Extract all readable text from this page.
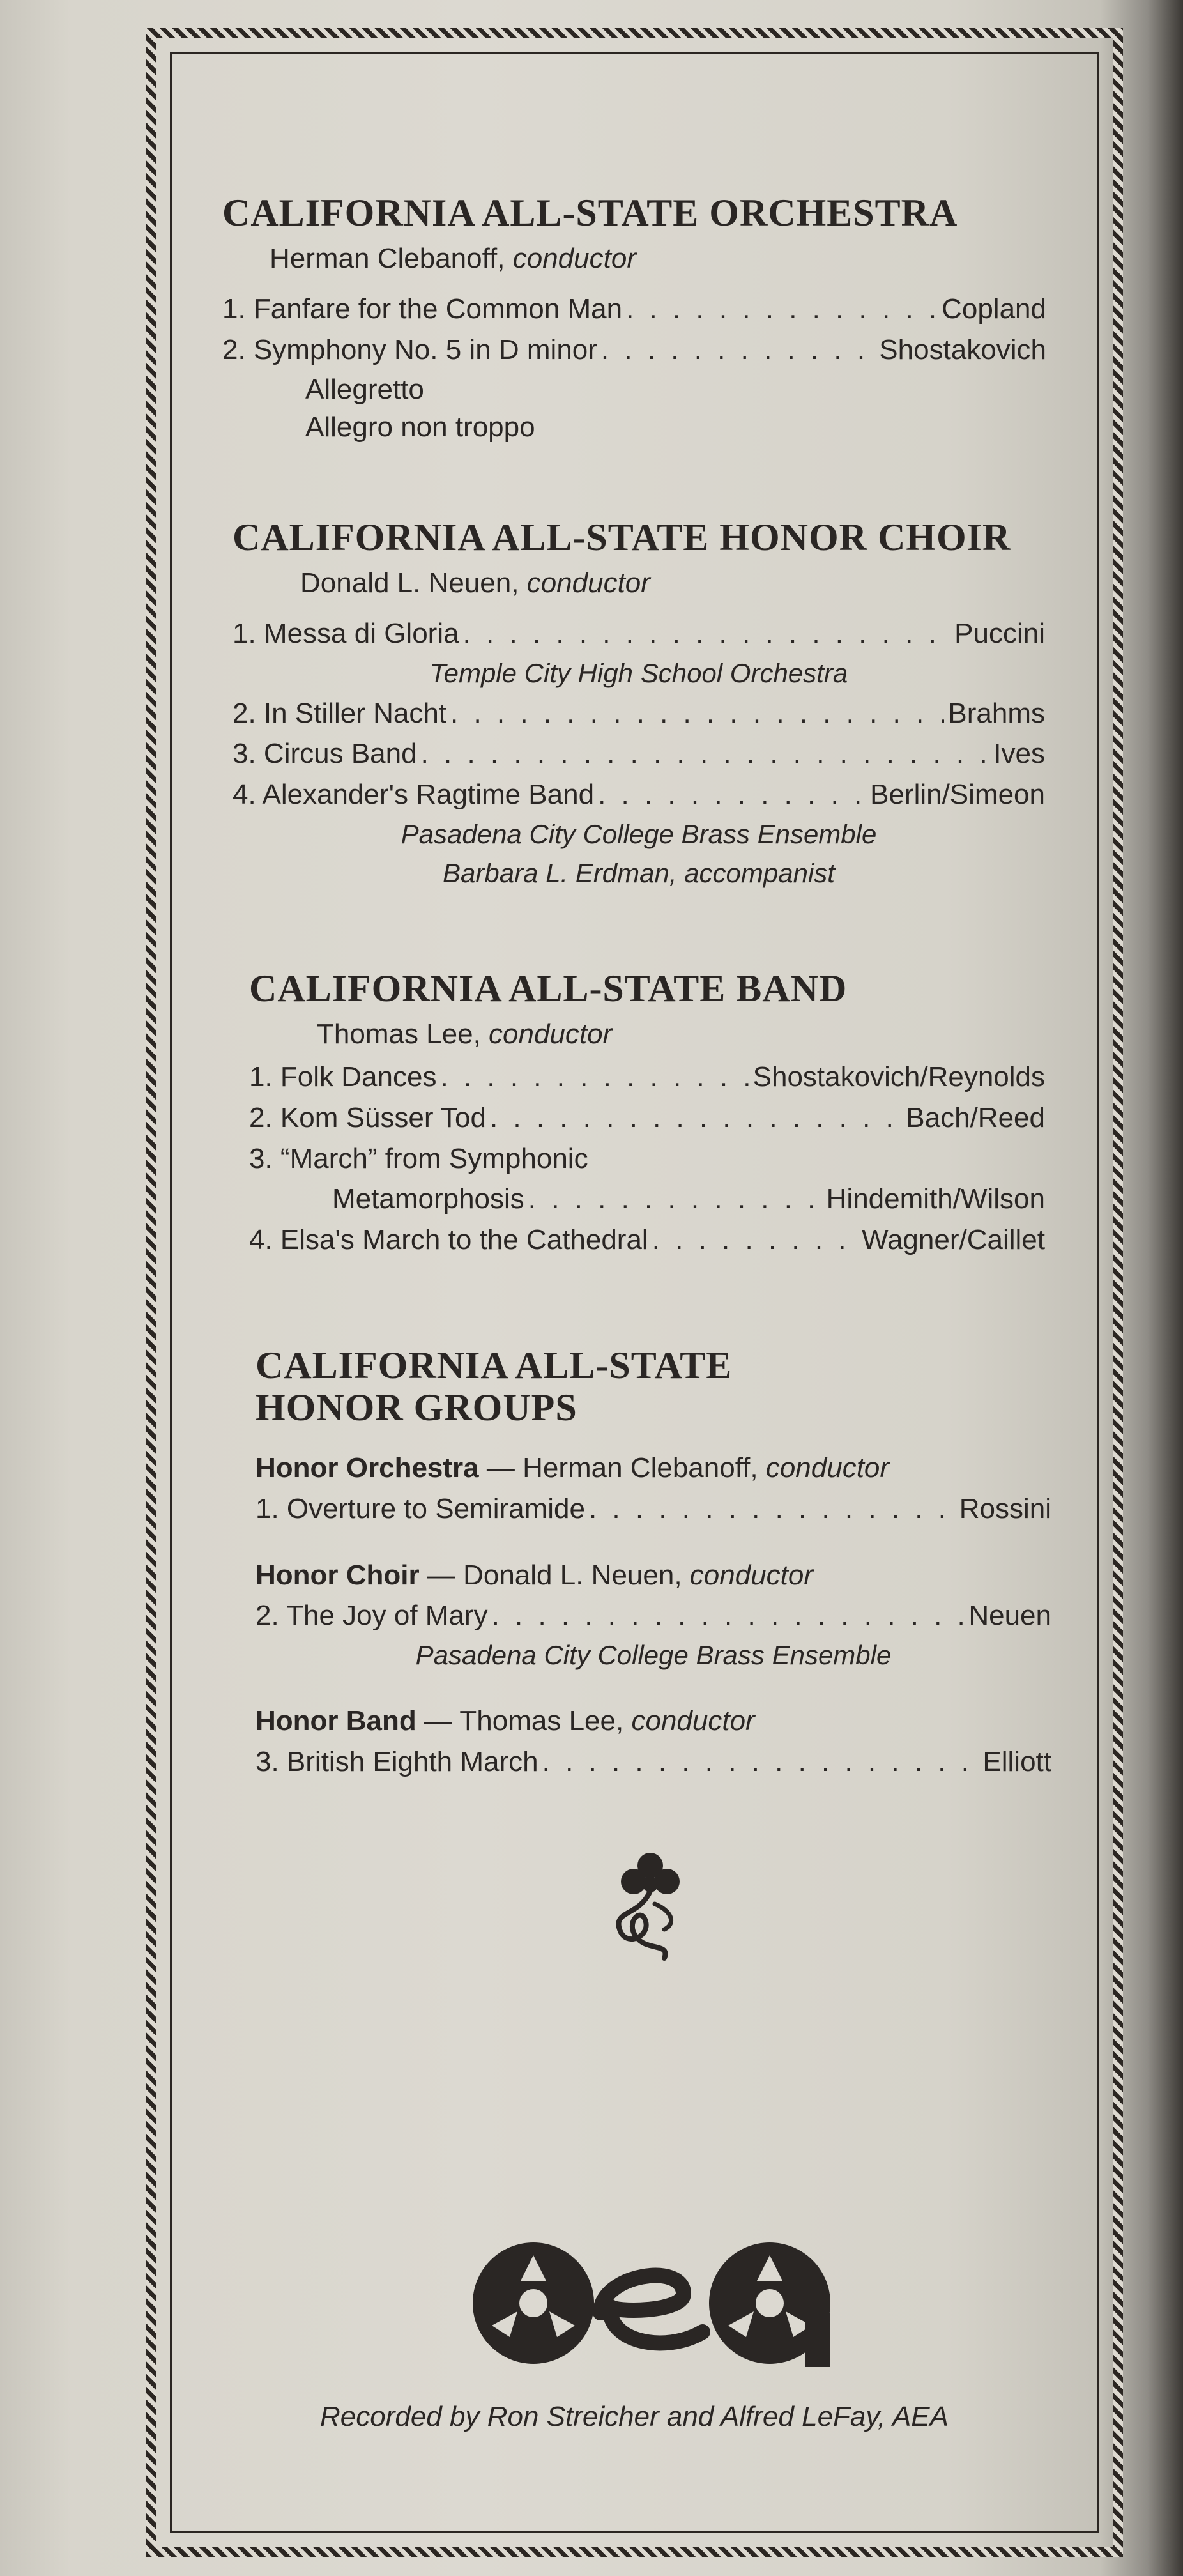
CALIFORNIA ALL-STATE ORCHESTRA
Herman Clebanoff, conductor
1. Fanfare for the Common Man . . .	Copland
2. Symphony No. 5 in D minor . . .	Shostakovich
Allegretto
Allegro non troppo
CALIFORNIA ALL-STATE HONOR CHOIR
Donald L. Neuen, conductor
1. Messa di Gloria . . .	Puccini
Temple City High School Orchestra
2. In Stiller Nacht . . .	Brahms
3. Circus Band . . .	Ives
4. Alexander's Ragtime Band . . .	Berlin/Simeon
Pasadena City College Brass Ensemble
Barbara L. Erdman, accompanist
CALIFORNIA ALL-STATE BAND
Thomas Lee, conductor
1. Folk Dances . . .	Shostakovich/Reynolds
2. Kom Süsser Tod . . .	Bach/Reed
3. “March” from Symphonic
Metamorphosis . . .	Hindemith/Wilson
4. Elsa's March to the Cathedral . . .	Wagner/Caillet
CALIFORNIA ALL-STATE
HONOR GROUPS
Honor Orchestra — Herman Clebanoff, conductor
1. Overture to Semiramide . . .	Rossini
Honor Choir — Donald L. Neuen, conductor
2. The Joy of Mary . . .	Neuen
Pasadena City College Brass Ensemble
Honor Band — Thomas Lee, conductor
3. British Eighth March . . .	Elliott
Recorded by Ron Streicher and Alfred LeFay, AEA
